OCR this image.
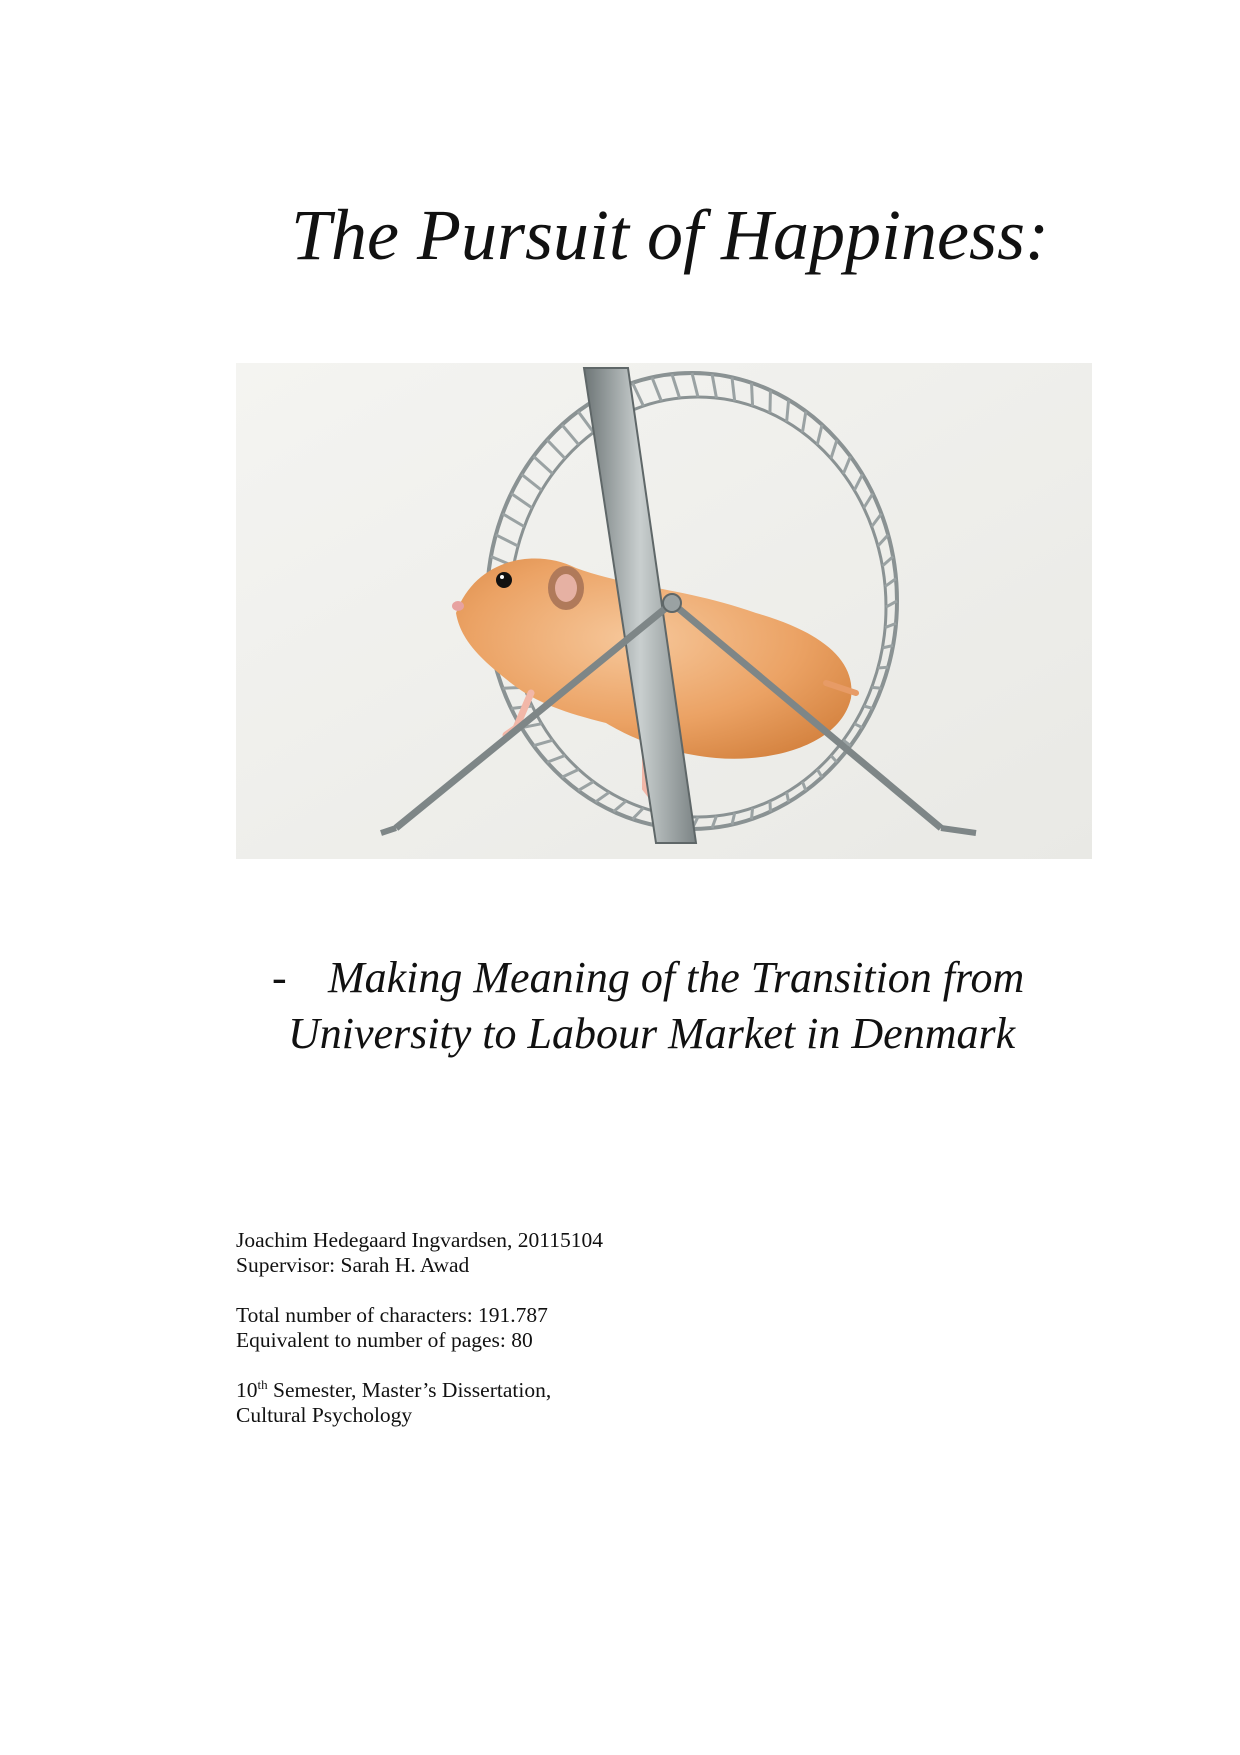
The Pursuit of Happiness:
- Making Meaning of the Transition from
University to Labour Market in Denmark
Joachim Hedegaard Ingvardsen, 20115104
Supervisor: Sarah H. Awad
Total number of characters: 191.787
Equivalent to number of pages: 80
10th Semester, Master’s Dissertation,
Cultural Psychology
